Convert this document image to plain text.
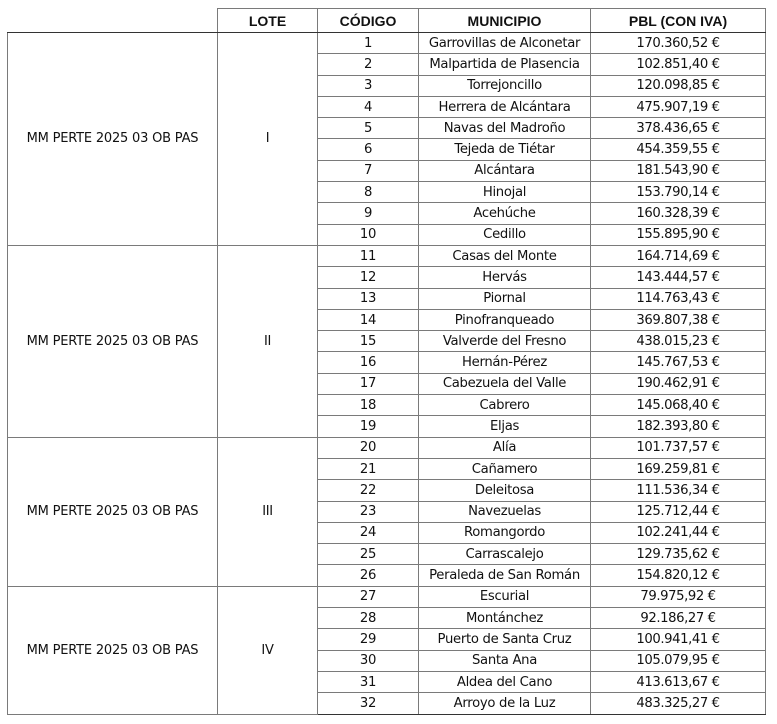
	LOTE	CÓDIGO	MUNICIPIO	PBL (CON IVA)
MM PERTE 2025 03 OB PAS	I	1	Garrovillas de Alconetar	170.360,52 €
		2	Malpartida de Plasencia	102.851,40 €
		3	Torrejoncillo	120.098,85 €
		4	Herrera de Alcántara	475.907,19 €
		5	Navas del Madroño	378.436,65 €
		6	Tejeda de Tiétar	454.359,55 €
		7	Alcántara	181.543,90 €
		8	Hinojal	153.790,14 €
		9	Acehúche	160.328,39 €
		10	Cedillo	155.895,90 €
MM PERTE 2025 03 OB PAS	II	11	Casas del Monte	164.714,69 €
		12	Hervás	143.444,57 €
		13	Piornal	114.763,43 €
		14	Pinofranqueado	369.807,38 €
		15	Valverde del Fresno	438.015,23 €
		16	Hernán-Pérez	145.767,53 €
		17	Cabezuela del Valle	190.462,91 €
		18	Cabrero	145.068,40 €
		19	Eljas	182.393,80 €
MM PERTE 2025 03 OB PAS	III	20	Alía	101.737,57 €
		21	Cañamero	169.259,81 €
		22	Deleitosa	111.536,34 €
		23	Navezuelas	125.712,44 €
		24	Romangordo	102.241,44 €
		25	Carrascalejo	129.735,62 €
		26	Peraleda de San Román	154.820,12 €
MM PERTE 2025 03 OB PAS	IV	27	Escurial	79.975,92 €
		28	Montánchez	92.186,27 €
		29	Puerto de Santa Cruz	100.941,41 €
		30	Santa Ana	105.079,95 €
		31	Aldea del Cano	413.613,67 €
		32	Arroyo de la Luz	483.325,27 €
